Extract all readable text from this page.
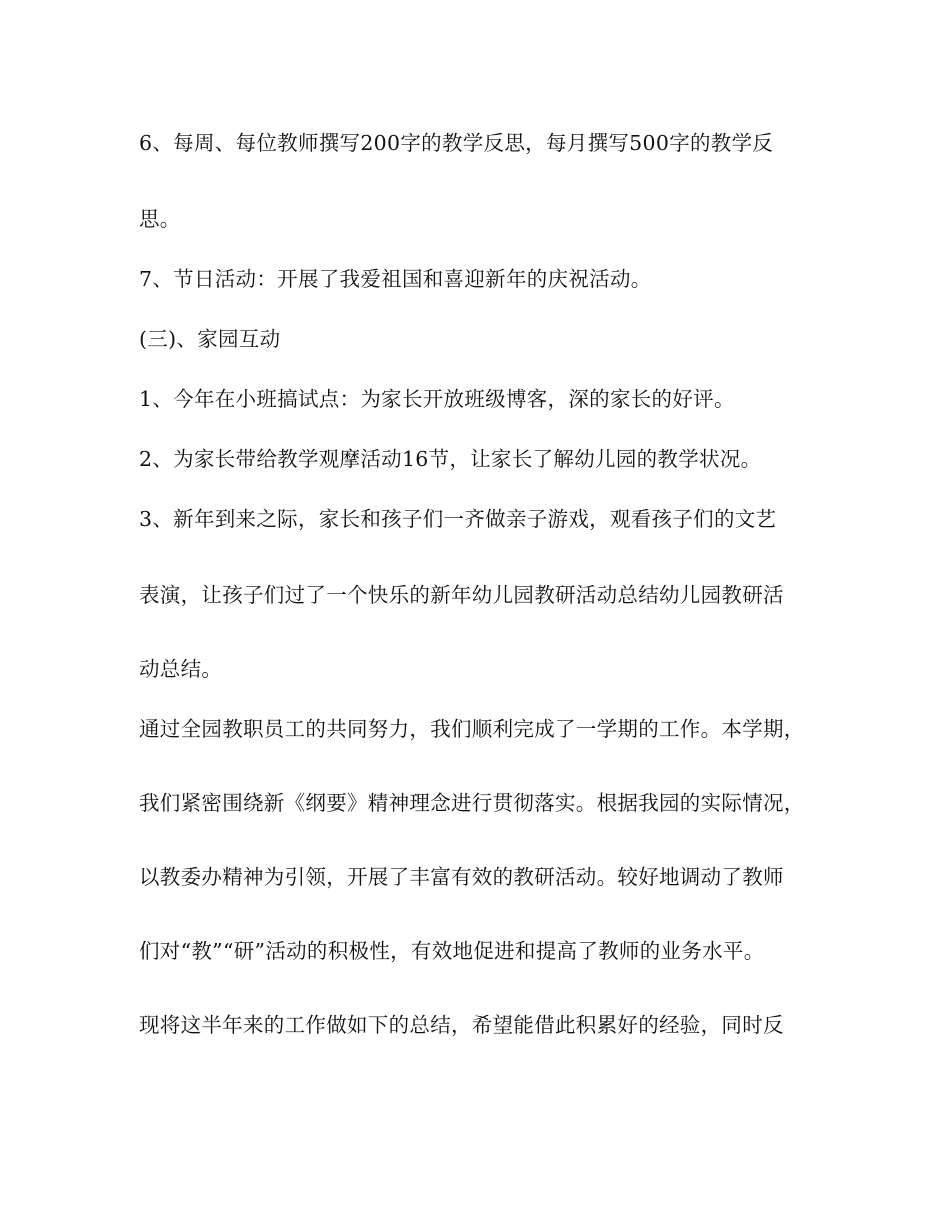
6、每周、每位教师撰写200字的教学反思，每月撰写500字的教学反
思。
7、节日活动：开展了我爱祖国和喜迎新年的庆祝活动。
(三)、家园互动
1、今年在小班搞试点：为家长开放班级博客，深的家长的好评。
2、为家长带给教学观摩活动16节，让家长了解幼儿园的教学状况。
3、新年到来之际，家长和孩子们一齐做亲子游戏，观看孩子们的文艺
表演，让孩子们过了一个快乐的新年幼儿园教研活动总结幼儿园教研活
动总结。
通过全园教职员工的共同努力，我们顺利完成了一学期的工作。本学期，
我们紧密围绕新《纲要》精神理念进行贯彻落实。根据我园的实际情况，
以教委办精神为引领，开展了丰富有效的教研活动。较好地调动了教师
们对“教”“研”活动的积极性，有效地促进和提高了教师的业务水平。
现将这半年来的工作做如下的总结，希望能借此积累好的经验，同时反
